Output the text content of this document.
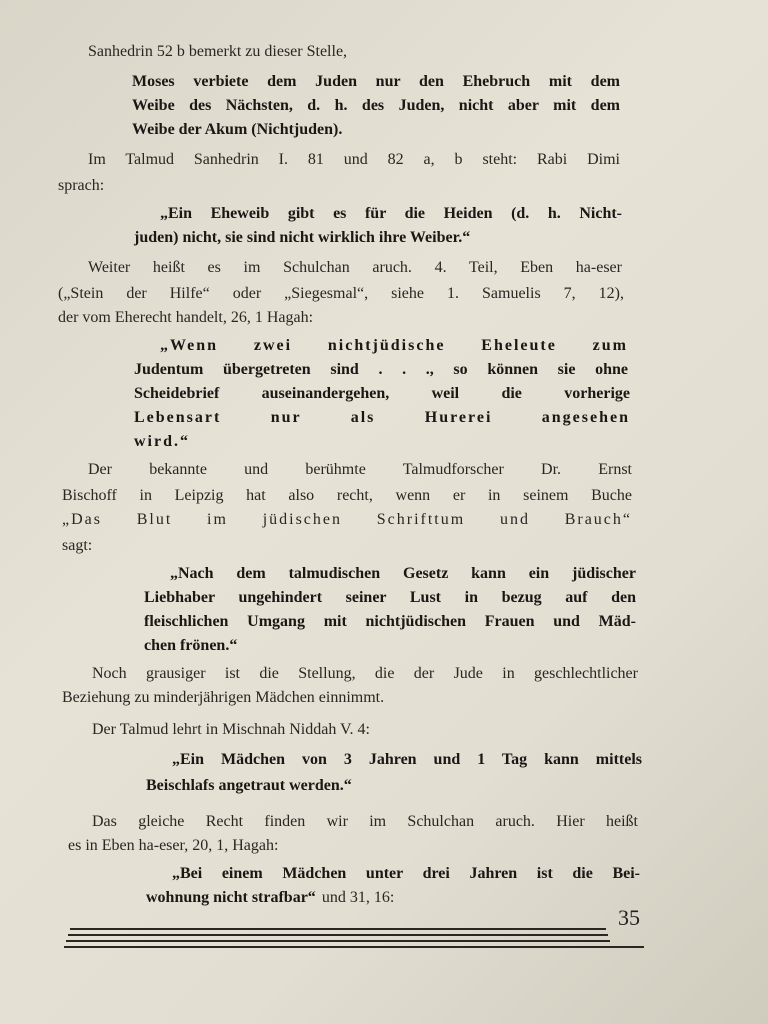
Sanhedrin 52 b bemerkt zu dieser Stelle,
Moses verbiete dem Juden nur den Ehebruch mit dem
Weibe des Nächsten, d. h. des Juden, nicht aber mit dem
Weibe der Akum (Nichtjuden).
Im Talmud Sanhedrin I. 81 und 82 a, b steht: Rabi Dimi
sprach:
„Ein Eheweib gibt es für die Heiden (d. h. Nicht-
juden) nicht, sie sind nicht wirklich ihre Weiber.“
Weiter heißt es im Schulchan aruch. 4. Teil, Eben ha-eser
(„Stein der Hilfe“ oder „Siegesmal“, siehe 1. Samuelis 7, 12),
der vom Eherecht handelt, 26, 1 Hagah:
„Wenn zwei nichtjüdische Eheleute zum
Judentum übergetreten sind . . ., so können sie ohne
Scheidebrief auseinandergehen, weil die vorherige
Lebensart nur als Hurerei angesehen
wird.“
Der bekannte und berühmte Talmudforscher Dr. Ernst
Bischoff in Leipzig hat also recht, wenn er in seinem Buche
„Das Blut im jüdischen Schrifttum und Brauch“
sagt:
„Nach dem talmudischen Gesetz kann ein jüdischer
Liebhaber ungehindert seiner Lust in bezug auf den
fleischlichen Umgang mit nichtjüdischen Frauen und Mäd-
chen frönen.“
Noch grausiger ist die Stellung, die der Jude in geschlechtlicher
Beziehung zu minderjährigen Mädchen einnimmt.
Der Talmud lehrt in Mischnah Niddah V. 4:
„Ein Mädchen von 3 Jahren und 1 Tag kann mittels
Beischlafs angetraut werden.“
Das gleiche Recht finden wir im Schulchan aruch. Hier heißt
es in Eben ha-eser, 20, 1, Hagah:
„Bei einem Mädchen unter drei Jahren ist die Bei-
wohnung nicht strafbar“ und 31, 16:
35
